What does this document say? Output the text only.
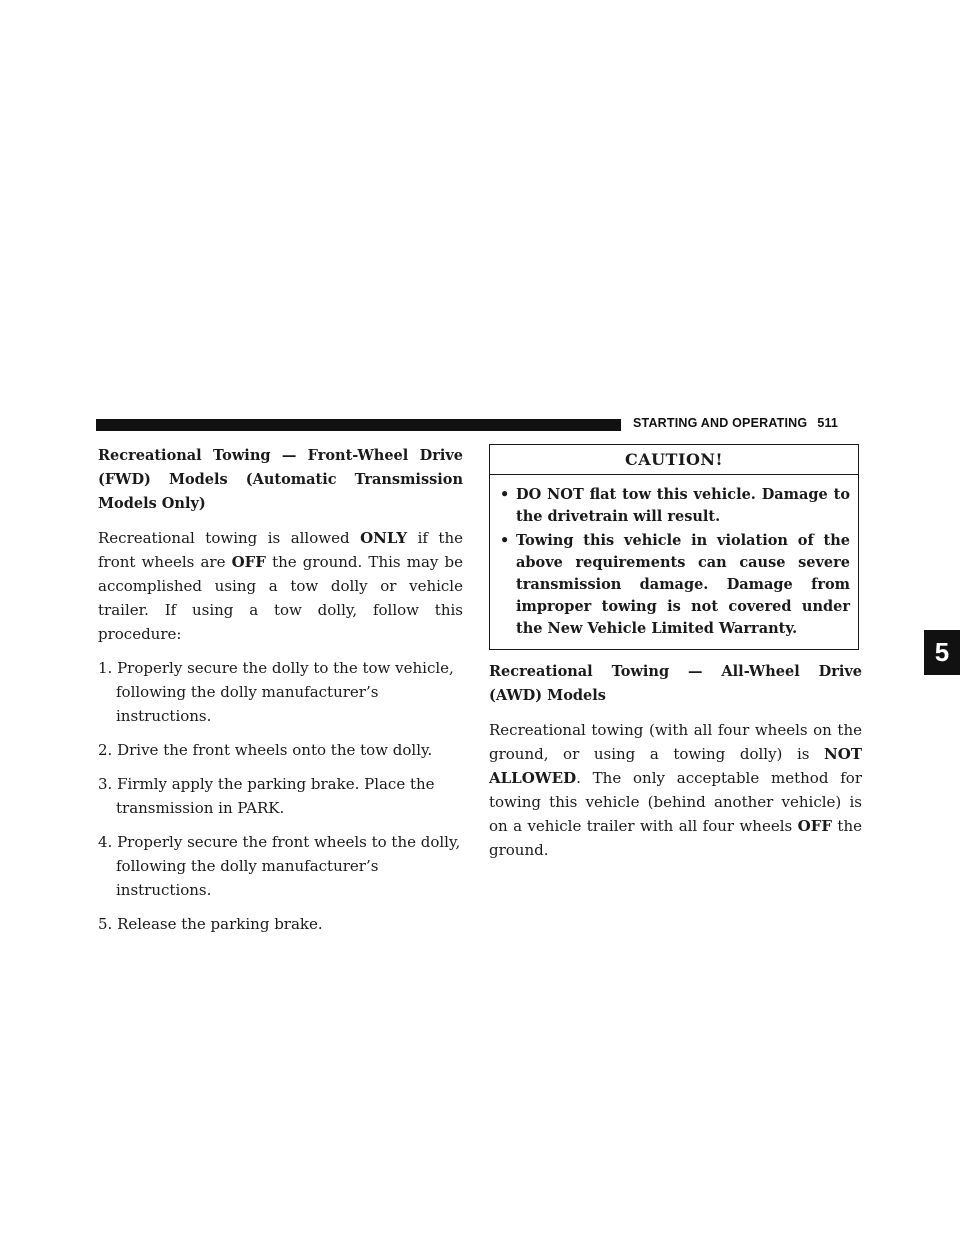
STARTING AND OPERATING 511

Recreational Towing — Front-Wheel Drive (FWD) Models (Automatic Transmission Models Only)

Recreational towing is allowed ONLY if the front wheels are OFF the ground. This may be accomplished using a tow dolly or vehicle trailer. If using a tow dolly, follow this procedure:

1. Properly secure the dolly to the tow vehicle, following the dolly manufacturer’s instructions.
2. Drive the front wheels onto the tow dolly.
3. Firmly apply the parking brake. Place the transmission in PARK.
4. Properly secure the front wheels to the dolly, following the dolly manufacturer’s instructions.
5. Release the parking brake.
CAUTION!
• DO NOT flat tow this vehicle. Damage to the drivetrain will result.
• Towing this vehicle in violation of the above requirements can cause severe transmission damage. Damage from improper towing is not covered under the New Vehicle Limited Warranty.

Recreational Towing — All-Wheel Drive (AWD) Models

Recreational towing (with all four wheels on the ground, or using a towing dolly) is NOT ALLOWED. The only acceptable method for towing this vehicle (behind another vehicle) is on a vehicle trailer with all four wheels OFF the ground.

5
